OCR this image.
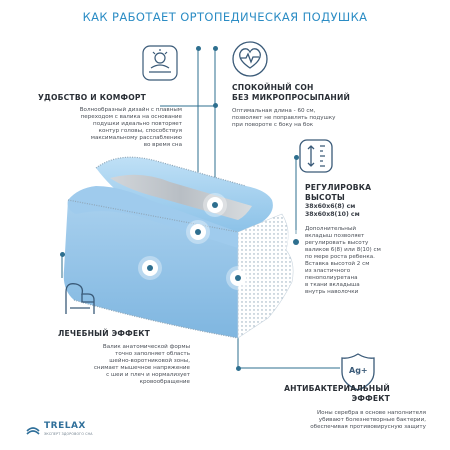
КАК РАБОТАЕТ ОРТОПЕДИЧЕСКАЯ ПОДУШКА
УДОБСТВО И КОМФОРТ
Волнообразный дизайн с плавным
переходом с валика на основание
подушки идеально повторяет
контур головы, способствуя
максимальному расслаблению
во время сна
СПОКОЙНЫЙ СОН
БЕЗ МИКРОПРОСЫПАНИЙ
Оптимальная длина - 60 см,
позволяет не поправлять подушку
при повороте с боку на бок
РЕГУЛИРОВКА
ВЫСОТЫ
38х60х6(8) см
38х60х8(10) см
Дополнительный
вкладыш позволяет
регулировать высоту
валиков 6(8) или 8(10) см
по мере роста ребенка.
Вставка высотой 2 см
из эластичного
пенополиуретана
в ткани вкладыша
внутрь наволочки
ЛЕЧЕБНЫЙ ЭФФЕКТ
Валик анатомической формы
точно заполняет область
шейно-воротниковой зоны,
снимает мышечное напряжение
с шеи и плеч и нормализует
кровообращение
Ag+
АНТИБАКТЕРИАЛЬНЫЙ
ЭФФЕКТ
Ионы серебра в основе наполнителя
убивают болезнетворные бактерии,
обеспечивая противовирусную защиту
TRELAX
ЭКСПЕРТ ЗДОРОВОГО СНА
